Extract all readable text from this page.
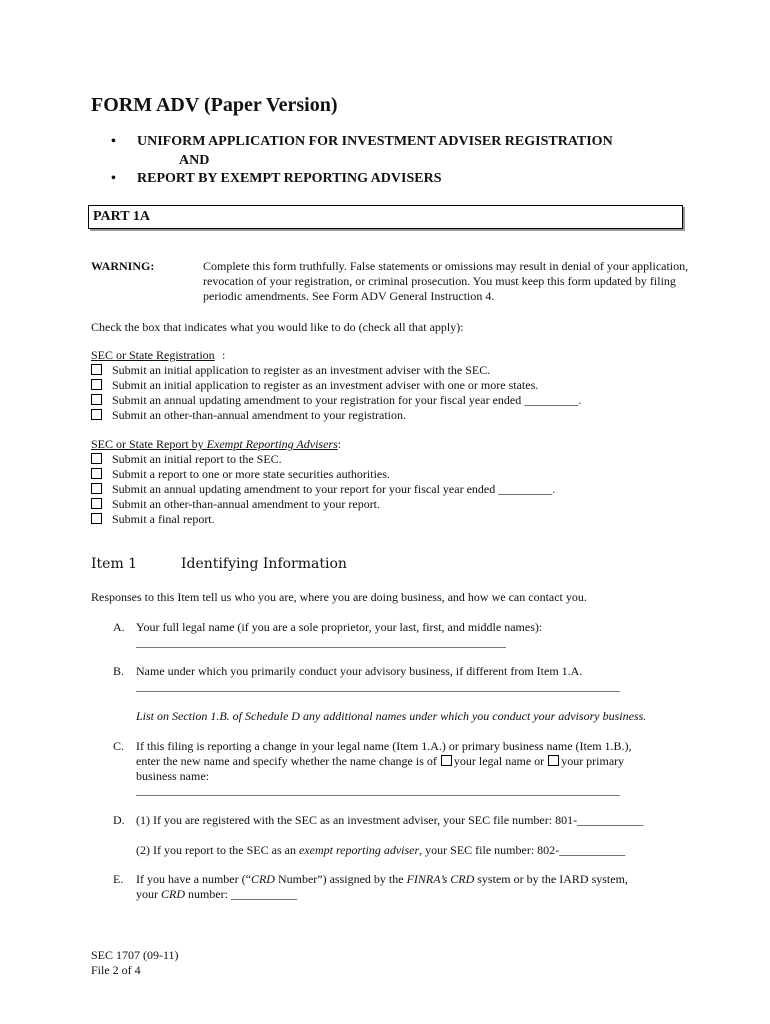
FORM ADV (Paper Version)
• UNIFORM APPLICATION FOR INVESTMENT ADVISER REGISTRATION
AND
• REPORT BY EXEMPT REPORTING ADVISERS
PART 1A
WARNING:	Complete this form truthfully. False statements or omissions may result in denial of your application, revocation of your registration, or criminal prosecution. You must keep this form updated by filing periodic amendments. See Form ADV General Instruction 4.
Check the box that indicates what you would like to do (check all that apply):
SEC or State Registration :
Submit an initial application to register as an investment adviser with the SEC.
Submit an initial application to register as an investment adviser with one or more states.
Submit an annual updating amendment to your registration for your fiscal year ended _________.
Submit an other-than-annual amendment to your registration.
SEC or State Report by Exempt Reporting Advisers:
Submit an initial report to the SEC.
Submit a report to one or more state securities authorities.
Submit an annual updating amendment to your report for your fiscal year ended _________.
Submit an other-than-annual amendment to your report.
Submit a final report.
Item 1	Identifying Information
Responses to this Item tell us who you are, where you are doing business, and how we can contact you.
A. Your full legal name (if you are a sole proprietor, your last, first, and middle names):
B. Name under which you primarily conduct your advisory business, if different from Item 1.A.
List on Section 1.B. of Schedule D any additional names under which you conduct your advisory business.
C. If this filing is reporting a change in your legal name (Item 1.A.) or primary business name (Item 1.B.),
enter the new name and specify whether the name change is of your legal name or your primary
business name:
D. (1) If you are registered with the SEC as an investment adviser, your SEC file number: 801-___________
(2) If you report to the SEC as an exempt reporting adviser, your SEC file number: 802-___________
E. If you have a number (“CRD Number”) assigned by the FINRA’s CRD system or by the IARD system,
your CRD number: ___________
SEC 1707 (09-11)
File 2 of 4
